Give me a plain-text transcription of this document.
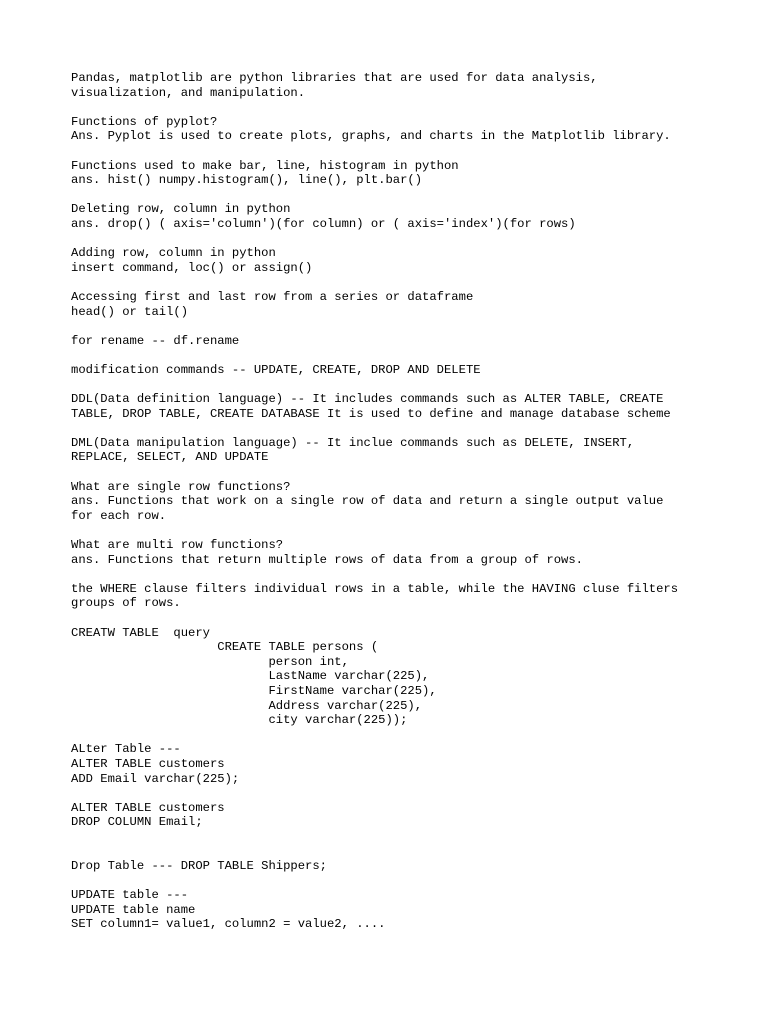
Pandas, matplotlib are python libraries that are used for data analysis,
visualization, and manipulation.
Functions of pyplot?
Ans. Pyplot is used to create plots, graphs, and charts in the Matplotlib library.
Functions used to make bar, line, histogram in python
ans. hist() numpy.histogram(), line(), plt.bar()
Deleting row, column in python
ans. drop() ( axis='column')(for column) or ( axis='index')(for rows)
Adding row, column in python
insert command, loc() or assign()
Accessing first and last row from a series or dataframe
head() or tail()
for rename -- df.rename
modification commands -- UPDATE, CREATE, DROP AND DELETE
DDL(Data definition language) -- It includes commands such as ALTER TABLE, CREATE
TABLE, DROP TABLE, CREATE DATABASE It is used to define and manage database scheme
DML(Data manipulation language) -- It inclue commands such as DELETE, INSERT,
REPLACE, SELECT, AND UPDATE
What are single row functions?
ans. Functions that work on a single row of data and return a single output value
for each row.
What are multi row functions?
ans. Functions that return multiple rows of data from a group of rows.
the WHERE clause filters individual rows in a table, while the HAVING cluse filters
groups of rows.
CREATW TABLE  query
CREATE TABLE persons (
person int,
LastName varchar(225),
FirstName varchar(225),
Address varchar(225),
city varchar(225));
ALter Table ---
ALTER TABLE customers
ADD Email varchar(225);
ALTER TABLE customers
DROP COLUMN Email;
Drop Table --- DROP TABLE Shippers;
UPDATE table ---
UPDATE table name
SET column1= value1, column2 = value2, ....
